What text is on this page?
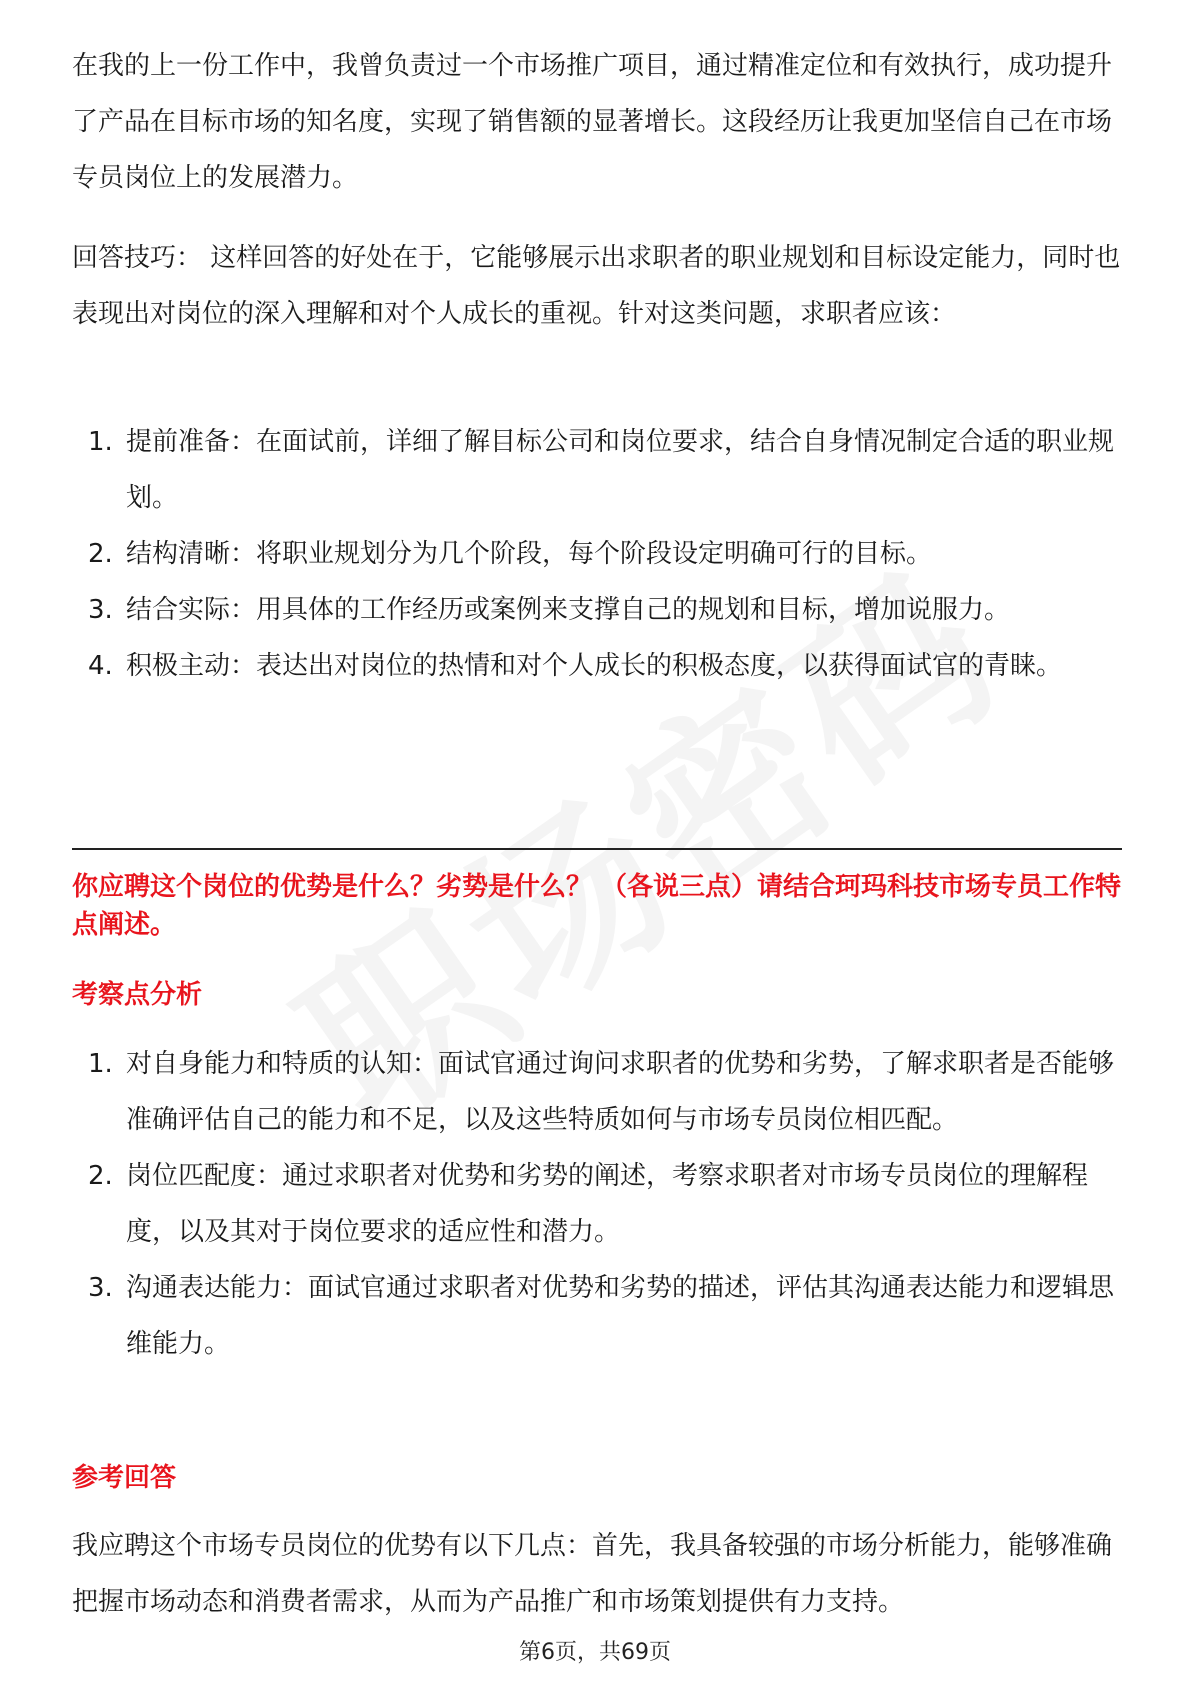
在我的上一份工作中，我曾负责过一个市场推广项目，通过精准定位和有效执行，成功提升了产品在目标市场的知名度，实现了销售额的显著增长。这段经历让我更加坚信自己在市场专员岗位上的发展潜力。

回答技巧： 这样回答的好处在于，它能够展示出求职者的职业规划和目标设定能力，同时也表现出对岗位的深入理解和对个人成长的重视。针对这类问题，求职者应该：

1. 提前准备：在面试前，详细了解目标公司和岗位要求，结合自身情况制定合适的职业规划。
2. 结构清晰：将职业规划分为几个阶段，每个阶段设定明确可行的目标。
3. 结合实际：用具体的工作经历或案例来支撑自己的规划和目标，增加说服力。
4. 积极主动：表达出对岗位的热情和对个人成长的积极态度，以获得面试官的青睐。

你应聘这个岗位的优势是什么？劣势是什么？ （各说三点）请结合珂玛科技市场专员工作特点阐述。

考察点分析

1. 对自身能力和特质的认知：面试官通过询问求职者的优势和劣势，了解求职者是否能够准确评估自己的能力和不足，以及这些特质如何与市场专员岗位相匹配。
2. 岗位匹配度：通过求职者对优势和劣势的阐述，考察求职者对市场专员岗位的理解程度，以及其对于岗位要求的适应性和潜力。
3. 沟通表达能力：面试官通过求职者对优势和劣势的描述，评估其沟通表达能力和逻辑思维能力。

参考回答

我应聘这个市场专员岗位的优势有以下几点：首先，我具备较强的市场分析能力，能够准确把握市场动态和消费者需求，从而为产品推广和市场策划提供有力支持。

第6页，共69页
